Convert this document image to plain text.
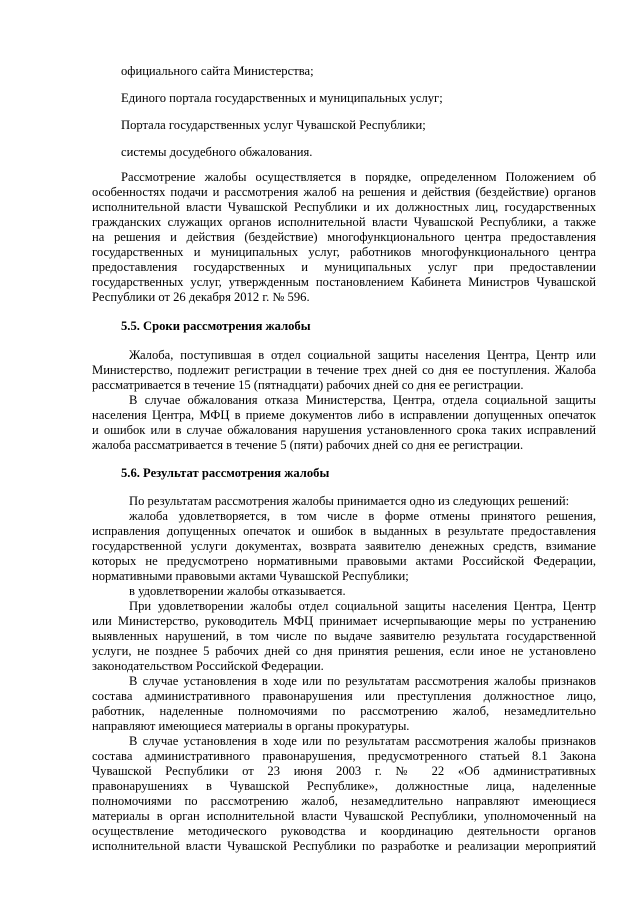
официального сайта Министерства;
Единого портала государственных и муниципальных услуг;
Портала государственных услуг Чувашской Республики;
системы досудебного обжалования.
Рассмотрение жалобы осуществляется в порядке, определенном Положением об
особенностях подачи и рассмотрения жалоб на решения и действия (бездействие) органов
исполнительной власти Чувашской Республики и их должностных лиц, государственных
гражданских служащих органов исполнительной власти Чувашской Республики, а также
на решения и действия (бездействие) многофункционального центра предоставления
государственных и муниципальных услуг, работников многофункционального центра
предоставления государственных и муниципальных услуг при предоставлении
государственных услуг, утвержденным постановлением Кабинета Министров Чувашской
Республики от 26 декабря 2012 г. № 596.
5.5. Сроки рассмотрения жалобы
Жалоба, поступившая в отдел социальной защиты населения Центра, Центр или
Министерство, подлежит регистрации в течение трех дней со дня ее поступления. Жалоба
рассматривается в течение 15 (пятнадцати) рабочих дней со дня ее регистрации.
В случае обжалования отказа Министерства, Центра, отдела социальной защиты
населения Центра, МФЦ в приеме документов либо в исправлении допущенных опечаток
и ошибок или в случае обжалования нарушения установленного срока таких исправлений
жалоба рассматривается в течение 5 (пяти) рабочих дней со дня ее регистрации.
5.6. Результат рассмотрения жалобы
По результатам рассмотрения жалобы принимается одно из следующих решений:
жалоба удовлетворяется, в том числе в форме отмены принятого решения,
исправления допущенных опечаток и ошибок в выданных в результате предоставления
государственной услуги документах, возврата заявителю денежных средств, взимание
которых не предусмотрено нормативными правовыми актами Российской Федерации,
нормативными правовыми актами Чувашской Республики;
в удовлетворении жалобы отказывается.
При удовлетворении жалобы отдел социальной защиты населения Центра, Центр
или Министерство, руководитель МФЦ принимает исчерпывающие меры по устранению
выявленных нарушений, в том числе по выдаче заявителю результата государственной
услуги, не позднее 5 рабочих дней со дня принятия решения, если иное не установлено
законодательством Российской Федерации.
В случае установления в ходе или по результатам рассмотрения жалобы признаков
состава административного правонарушения или преступления должностное лицо,
работник, наделенные полномочиями по рассмотрению жалоб, незамедлительно
направляют имеющиеся материалы в органы прокуратуры.
В случае установления в ходе или по результатам рассмотрения жалобы признаков
состава административного правонарушения, предусмотренного статьей 8.1 Закона
Чувашской Республики от 23 июня 2003 г. № 22 «Об административных
правонарушениях в Чувашской Республике», должностные лица, наделенные
полномочиями по рассмотрению жалоб, незамедлительно направляют имеющиеся
материалы в орган исполнительной власти Чувашской Республики, уполномоченный на
осуществление методического руководства и координацию деятельности органов
исполнительной власти Чувашской Республики по разработке и реализации мероприятий
